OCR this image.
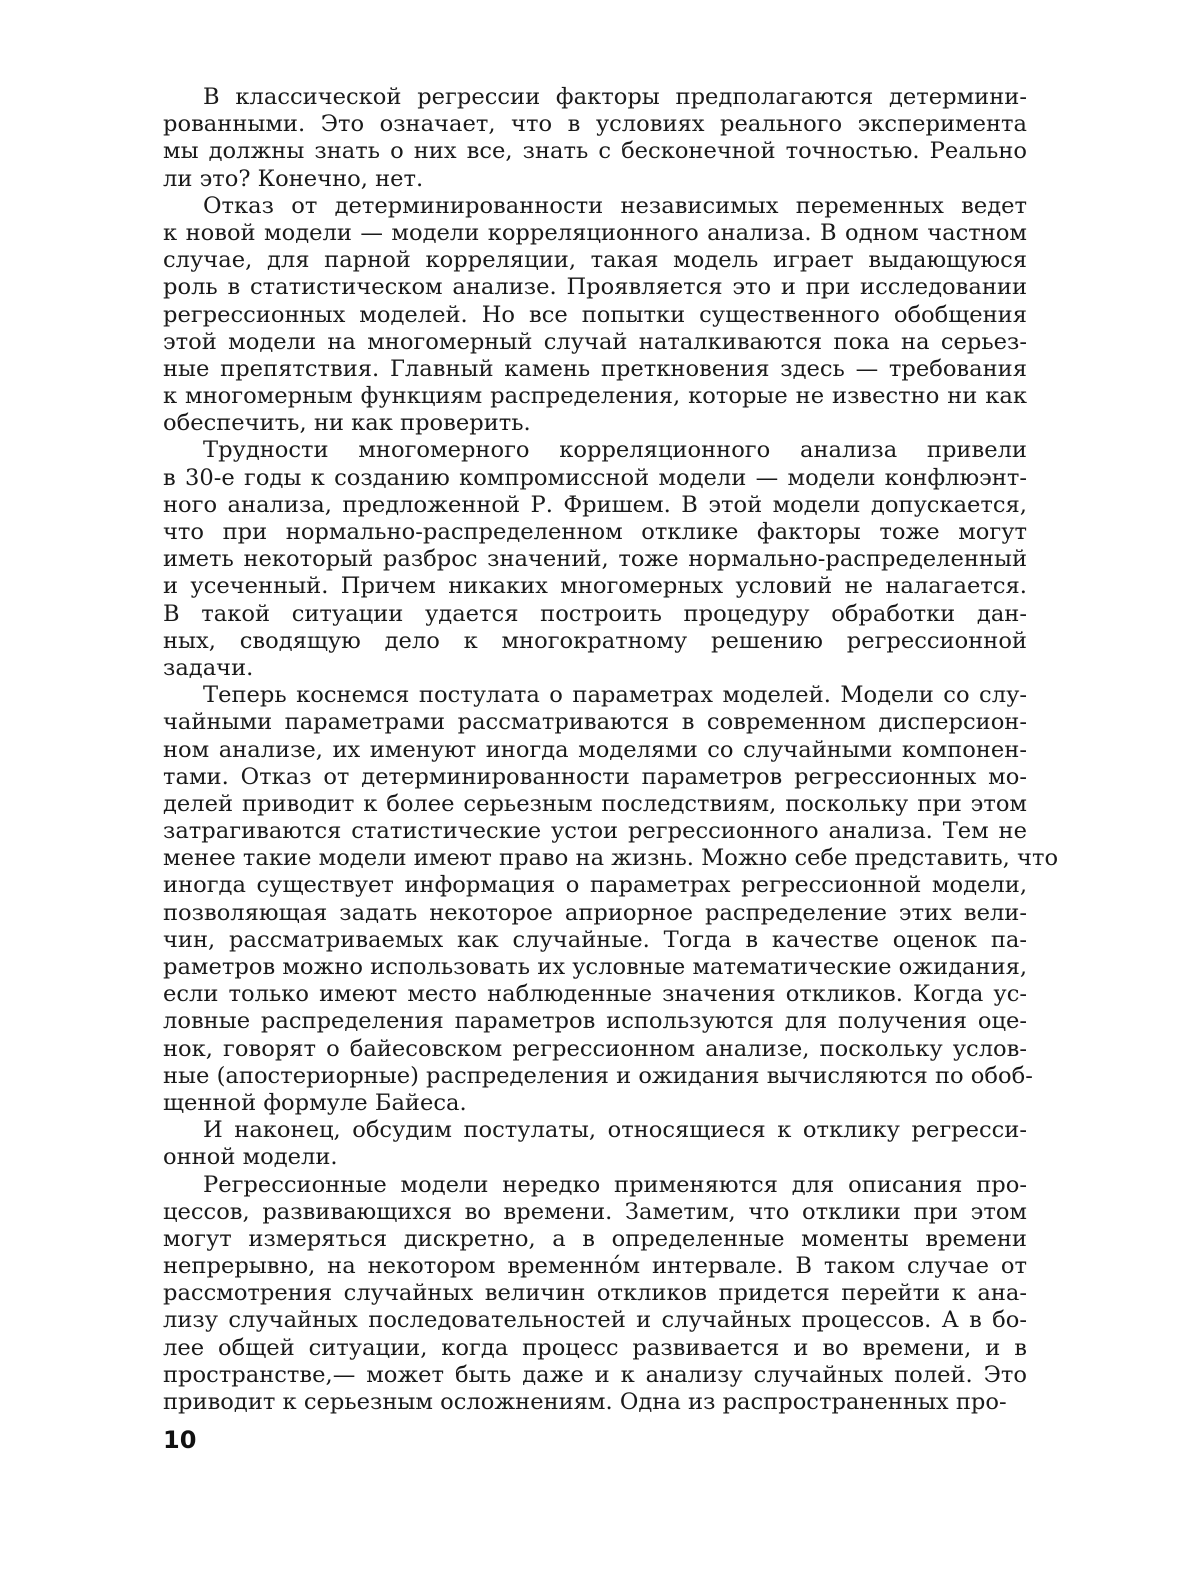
В классической регрессии факторы предполагаются детермини-
рованными. Это означает, что в условиях реального эксперимента
мы должны знать о них все, знать с бесконечной точностью. Реально
ли это? Конечно, нет.
Отказ от детерминированности независимых переменных ведет
к новой модели — модели корреляционного анализа. В одном частном
случае, для парной корреляции, такая модель играет выдающуюся
роль в статистическом анализе. Проявляется это и при исследовании
регрессионных моделей. Но все попытки существенного обобщения
этой модели на многомерный случай наталкиваются пока на серьез-
ные препятствия. Главный камень преткновения здесь — требования
к многомерным функциям распределения, которые не известно ни как
обеспечить, ни как проверить.
Трудности многомерного корреляционного анализа привели
в 30-е годы к созданию компромиссной модели — модели конфлюэнт-
ного анализа, предложенной Р. Фришем. В этой модели допускается,
что при нормально-распределенном отклике факторы тоже могут
иметь некоторый разброс значений, тоже нормально-распределенный
и усеченный. Причем никаких многомерных условий не налагается.
В такой ситуации удается построить процедуру обработки дан-
ных, сводящую дело к многократному решению регрессионной
задачи.
Теперь коснемся постулата о параметрах моделей. Модели со слу-
чайными параметрами рассматриваются в современном дисперсион-
ном анализе, их именуют иногда моделями со случайными компонен-
тами. Отказ от детерминированности параметров регрессионных мо-
делей приводит к более серьезным последствиям, поскольку при этом
затрагиваются статистические устои регрессионного анализа. Тем не
менее такие модели имеют право на жизнь. Можно себе представить, что
иногда существует информация о параметрах регрессионной модели,
позволяющая задать некоторое априорное распределение этих вели-
чин, рассматриваемых как случайные. Тогда в качестве оценок па-
раметров можно использовать их условные математические ожидания,
если только имеют место наблюденные значения откликов. Когда ус-
ловные распределения параметров используются для получения оце-
нок, говорят о байесовском регрессионном анализе, поскольку услов-
ные (апостериорные) распределения и ожидания вычисляются по обоб-
щенной формуле Байеса.
И наконец, обсудим постулаты, относящиеся к отклику регресси-
онной модели.
Регрессионные модели нередко применяются для описания про-
цессов, развивающихся во времени. Заметим, что отклики при этом
могут измеряться дискретно, а в определенные моменты времени
непрерывно, на некотором временно́м интервале. В таком случае от
рассмотрения случайных величин откликов придется перейти к ана-
лизу случайных последовательностей и случайных процессов. А в бо-
лее общей ситуации, когда процесс развивается и во времени, и в
пространстве,— может быть даже и к анализу случайных полей. Это
приводит к серьезным осложнениям. Одна из распространенных про-
10
